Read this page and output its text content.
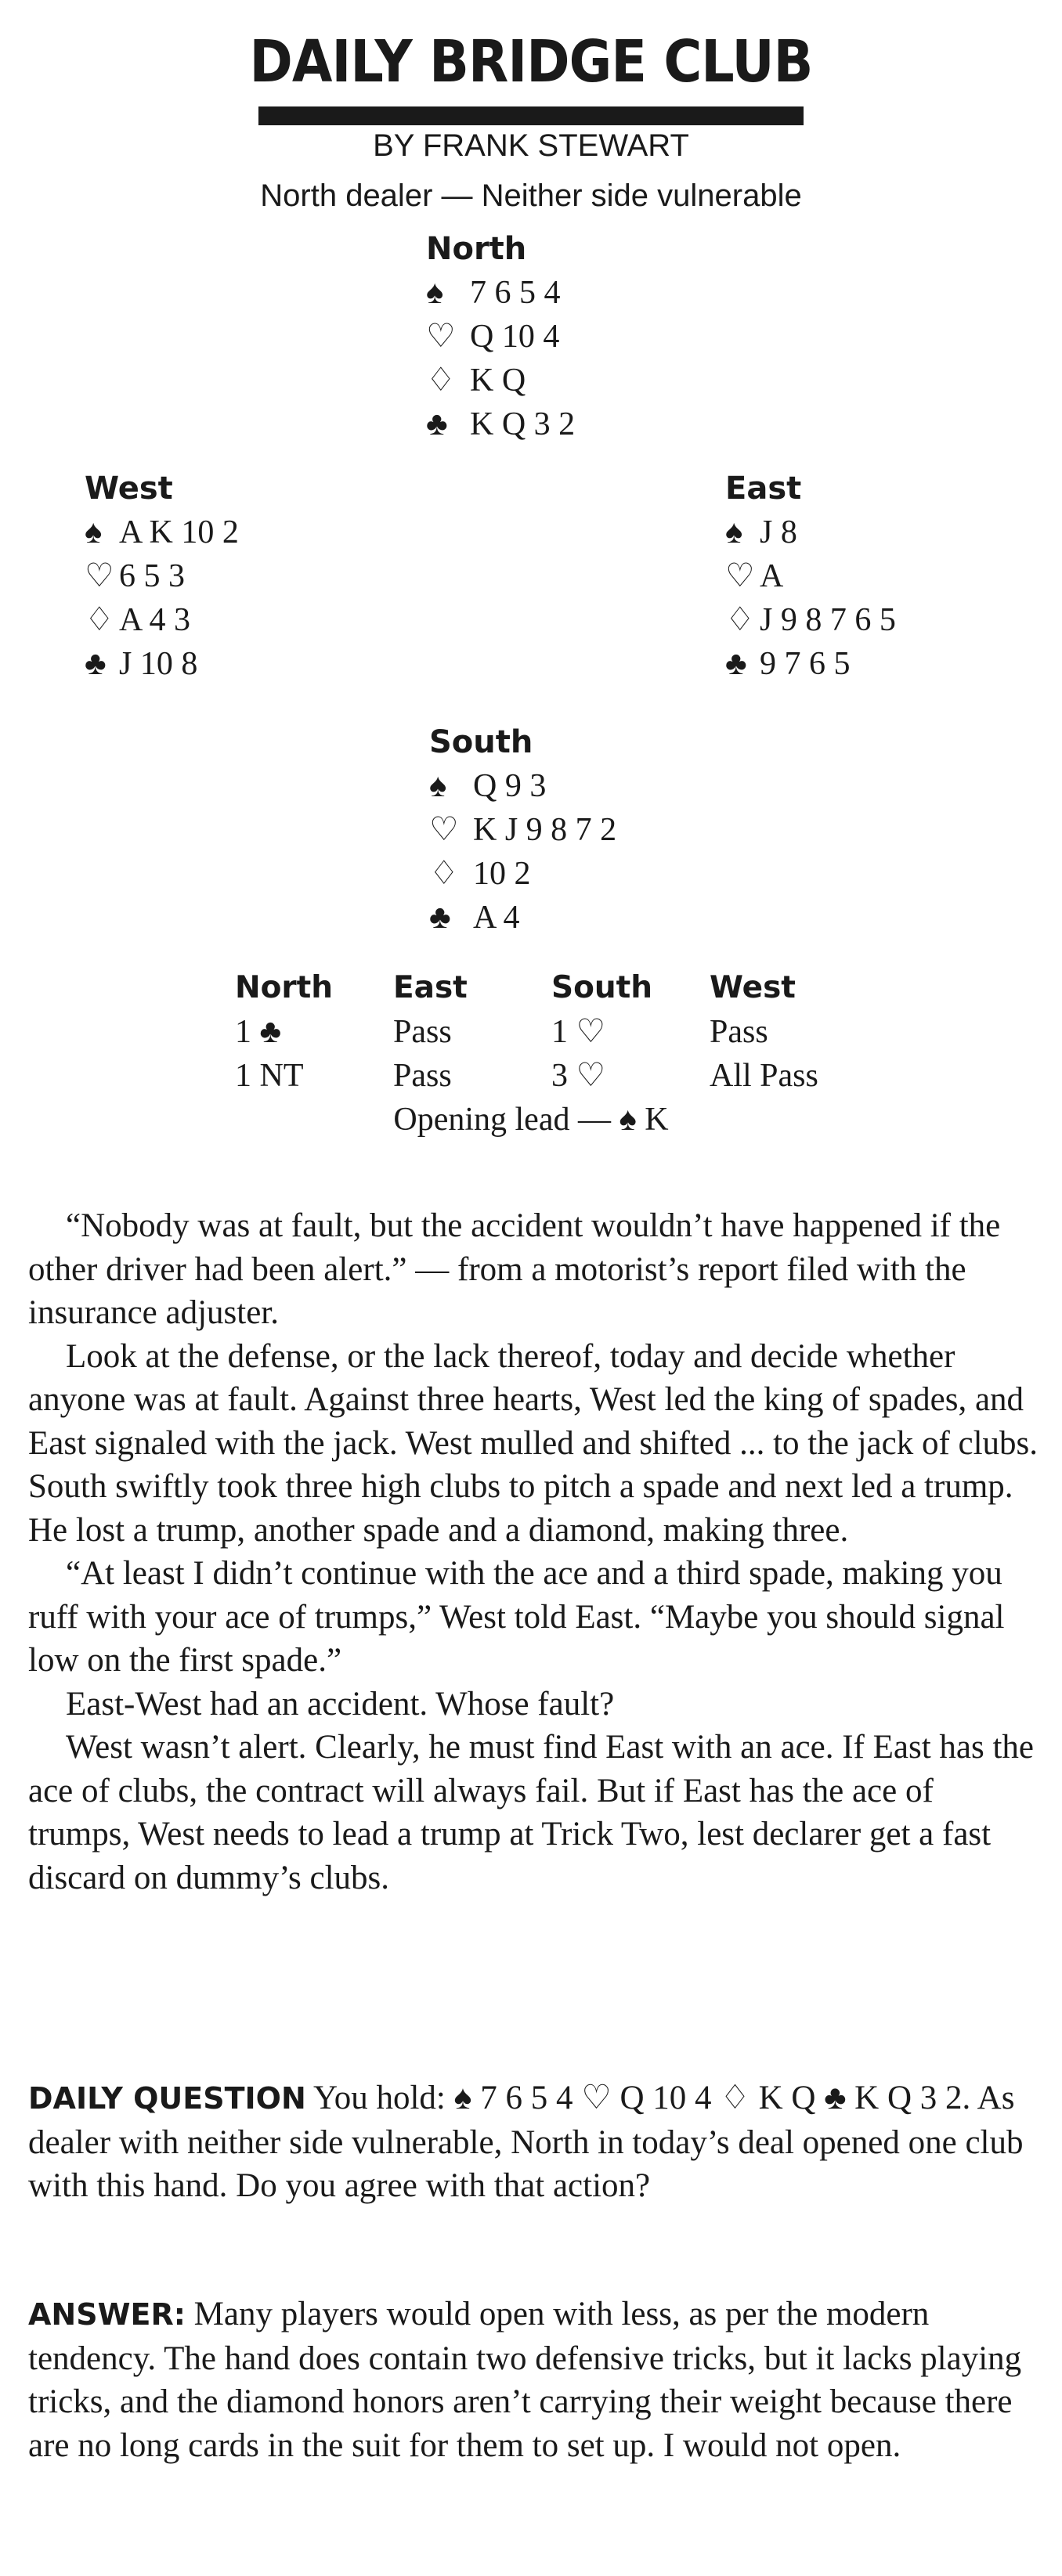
DAILY BRIDGE CLUB
BY FRANK STEWART
North dealer — Neither side vulnerable
North
♠ 7 6 5 4
♡ Q 10 4
♢ K Q
♣ K Q 3 2
West
♠ A K 10 2
♡ 6 5 3
♢ A 4 3
♣ J 10 8
East
♠ J 8
♡ A
♢ J 9 8 7 6 5
♣ 9 7 6 5
South
♠ Q 9 3
♡ K J 9 8 7 2
♢ 10 2
♣ A 4
North East	South West
1 ♣	Pass	1 ♡	Pass
1 NT	Pass	3 ♡	All Pass
Opening lead — ♠ K

“Nobody was at fault, but the accident wouldn’t have happened if the other driver had been alert.” — from a motorist’s report filed with the insurance adjuster.

Look at the defense, or the lack thereof, today and decide whether anyone was at fault. Against three hearts, West led the king of spades, and East signaled with the jack. West mulled and shifted ... to the jack of clubs. South swiftly took three high clubs to pitch a spade and next led a trump. He lost a trump, another spade and a diamond, making three.

“At least I didn’t continue with the ace and a third spade, making you ruff with your ace of trumps,” West told East. “Maybe you should signal low on the first spade.”

East-West had an accident. Whose fault?

West wasn’t alert. Clearly, he must find East with an ace. If East has the ace of clubs, the contract will always fail. But if East has the ace of trumps, West needs to lead a trump at Trick Two, lest declarer get a fast discard on dummy’s clubs.

DAILY QUESTION You hold: ♠ 7 6 5 4 ♡ Q 10 4 ♢ K Q ♣ K Q 3 2. As dealer with neither side vulnerable, North in today’s deal opened one club with this hand. Do you agree with that action?
ANSWER: Many players would open with less, as per the modern tendency. The hand does contain two defensive tricks, but it lacks playing tricks, and the diamond honors aren’t carrying their weight because there are no long cards in the suit for them to set up. I would not open.
